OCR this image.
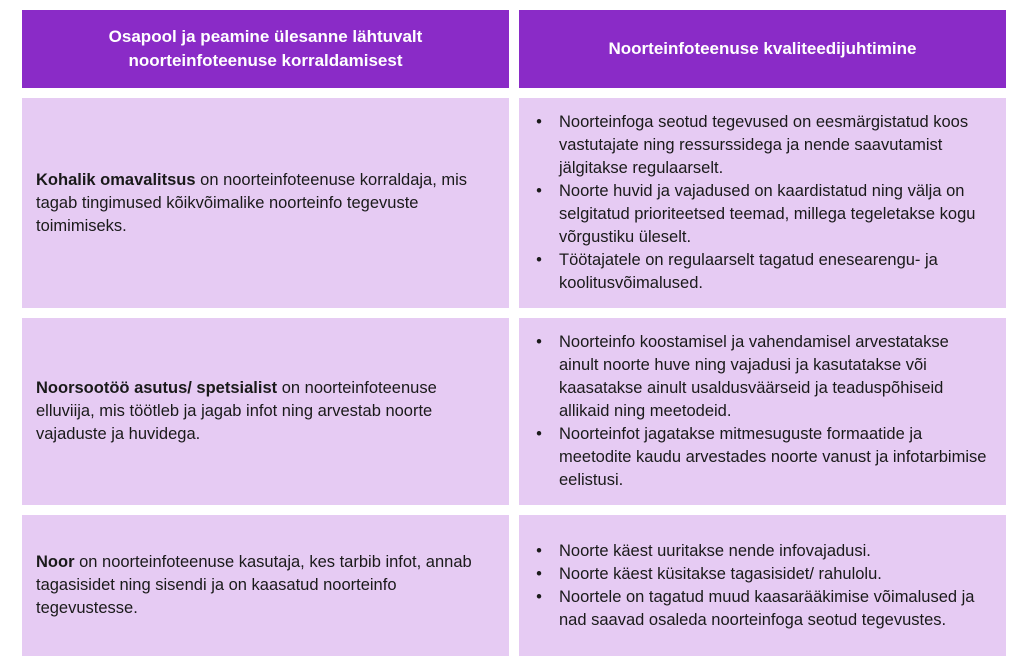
Osapool ja peamine ülesanne lähtuvalt noorteinfoteenuse korraldamisest
Noorteinfoteenuse kvaliteedijuhtimine

Kohalik omavalitsus on noorteinfoteenuse korraldaja, mis tagab tingimused kõikvõimalike noorteinfo tegevuste toimimiseks.

• Noorteinfoga seotud tegevused on eesmärgistatud koos vastutajate ning ressurssidega ja nende saavutamist jälgitakse regulaarselt.
• Noorte huvid ja vajadused on kaardistatud ning välja on selgitatud prioriteetsed teemad, millega tegeletakse kogu võrgustiku üleselt.
• Töötajatele on regulaarselt tagatud enesearengu- ja koolitusvõimalused.

Noorsootöö asutus/ spetsialist on noorteinfoteenuse elluviija, mis töötleb ja jagab infot ning arvestab noorte vajaduste ja huvidega.

• Noorteinfo koostamisel ja vahendamisel arvestatakse ainult noorte huve ning vajadusi ja kasutatakse või kaasatakse ainult usaldusväärseid ja teaduspõhiseid allikaid ning meetodeid.
• Noorteinfot jagatakse mitmesuguste formaatide ja meetodite kaudu arvestades noorte vanust ja infotarbimise eelistusi.

Noor on noorteinfoteenuse kasutaja, kes tarbib infot, annab tagasisidet ning sisendi ja on kaasatud noorteinfo tegevustesse.

• Noorte käest uuritakse nende infovajadusi.
• Noorte käest küsitakse tagasisidet/ rahulolu.
• Noortele on tagatud muud kaasarääkimise võimalused ja nad saavad osaleda noorteinfoga seotud tegevustes.
